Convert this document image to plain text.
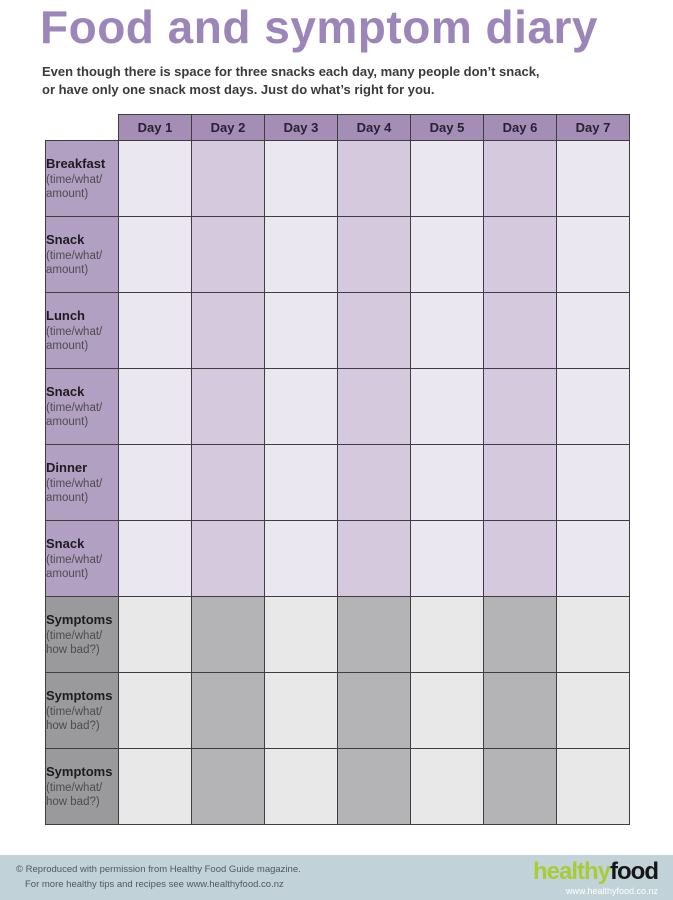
Food and symptom diary

Even though there is space for three snacks each day, many people don’t snack,
or have only one snack most days. Just do what’s right for you.

	Day 1	Day 2	Day 3	Day 4	Day 5	Day 6	Day 7

Breakfast
(time/what/
amount)							

Snack
(time/what/
amount)							

Lunch
(time/what/
amount)							

Snack
(time/what/
amount)							

Dinner
(time/what/
amount)							

Snack
(time/what/
amount)							

Symptoms
(time/what/
how bad?)							

Symptoms
(time/what/
how bad?)							

Symptoms
(time/what/
how bad?)							

© Reproduced with permission from Healthy Food Guide magazine.
For more healthy tips and recipes see www.healthyfood.co.nz	healthyfood
www.healthyfood.co.nz
